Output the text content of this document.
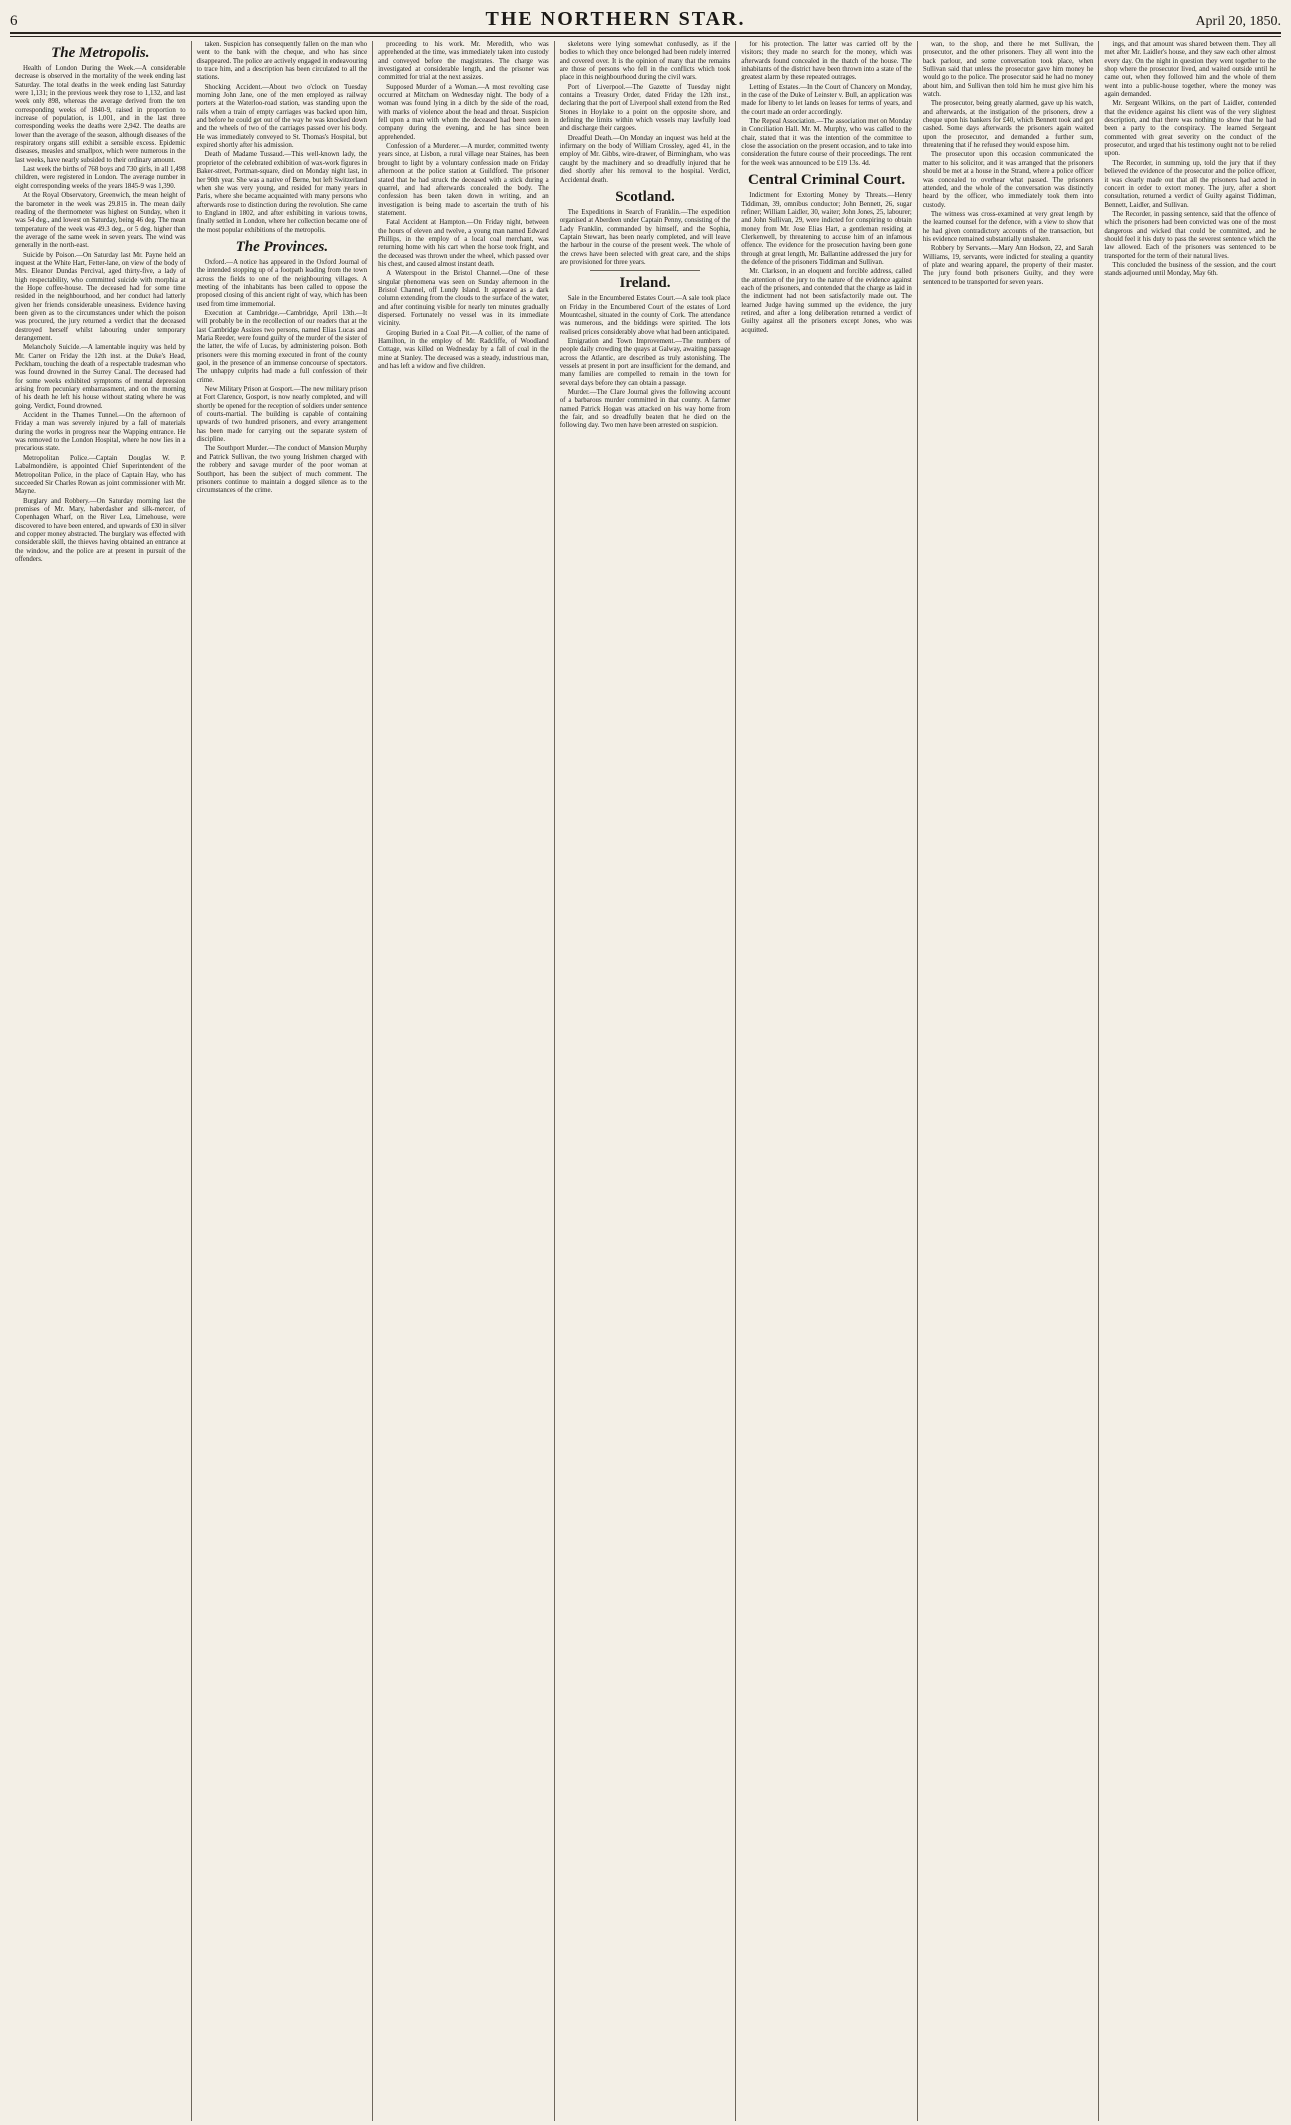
6	THE NORTHERN STAR.	April 20, 1850.
The Metropolis.

Health of London During the Week.—A considerable decrease is observed in the mortality of the week ending last Saturday. The total deaths in the week ending last Saturday were 1,131; in the previous week they rose to 1,132, and last week only 898, whereas the average derived from the ten corresponding weeks of 1840-9, raised in proportion to increase of population, is 1,001, and in the last three corresponding weeks the deaths were 2,942. The deaths are lower than the average of the season, although diseases of the respiratory organs still exhibit a sensible excess. Epidemic diseases, measles and smallpox, which were numerous in the last weeks, have nearly subsided to their ordinary amount.

Last week the births of 768 boys and 730 girls, in all 1,498 children, were registered in London. The average number in eight corresponding weeks of the years 1845-9 was 1,390.

At the Royal Observatory, Greenwich, the mean height of the barometer in the week was 29.815 in. The mean daily reading of the thermometer was highest on Sunday, when it was 54 deg., and lowest on Saturday, being 46 deg. The mean temperature of the week was 49.3 deg., or 5 deg. higher than the average of the same week in seven years. The wind was generally in the north-east.

Suicide by Poison.—On Saturday last Mr. Payne held an inquest at the White Hart, Fetter-lane, on view of the body of Mrs. Eleanor Dundas Percival, aged thirty-five, a lady of high respectability, who committed suicide with morphia at the Hope coffee-house. The deceased had for some time resided in the neighbourhood, and her conduct had latterly given her friends considerable uneasiness. Evidence having been given as to the circumstances under which the poison was procured, the jury returned a verdict that the deceased destroyed herself whilst labouring under temporary derangement.

Melancholy Suicide.—A lamentable inquiry was held by Mr. Carter on Friday the 12th inst. at the Duke's Head, Peckham, touching the death of a respectable tradesman who was found drowned in the Surrey Canal. The deceased had for some weeks exhibited symptoms of mental depression arising from pecuniary embarrassment, and on the morning of his death he left his house without stating where he was going. Verdict, Found drowned.

Accident in the Thames Tunnel.—On the afternoon of Friday a man was severely injured by a fall of materials during the works in progress near the Wapping entrance. He was removed to the London Hospital, where he now lies in a precarious state.

Metropolitan Police.—Captain Douglas W. P. Labalmondière, is appointed Chief Superintendent of the Metropolitan Police, in the place of Captain Hay, who has succeeded Sir Charles Rowan as joint commissioner with Mr. Mayne.

Burglary and Robbery.—On Saturday morning last the premises of Mr. Mary, haberdasher and silk-mercer, of Copenhagen Wharf, on the River Lea, Limehouse, were discovered to have been entered, and upwards of £30 in silver and copper money abstracted. The burglary was effected with considerable skill, the thieves having obtained an entrance at the window, and the police are at present in pursuit of the offenders.

taken. Suspicion has consequently fallen on the man who went to the bank with the cheque, and who has since disappeared. The police are actively engaged in endeavouring to trace him, and a description has been circulated to all the stations.

Shocking Accident.—About two o'clock on Tuesday morning John Jane, one of the men employed as railway porters at the Waterloo-road station, was standing upon the rails when a train of empty carriages was backed upon him, and before he could get out of the way he was knocked down and the wheels of two of the carriages passed over his body. He was immediately conveyed to St. Thomas's Hospital, but expired shortly after his admission.

Death of Madame Tussaud.—This well-known lady, the proprietor of the celebrated exhibition of wax-work figures in Baker-street, Portman-square, died on Monday night last, in her 90th year. She was a native of Berne, but left Switzerland when she was very young, and resided for many years in Paris, where she became acquainted with many persons who afterwards rose to distinction during the revolution. She came to England in 1802, and after exhibiting in various towns, finally settled in London, where her collection became one of the most popular exhibitions of the metropolis.

The Provinces.

Oxford.—A notice has appeared in the Oxford Journal of the intended stopping up of a footpath leading from the town across the fields to one of the neighbouring villages. A meeting of the inhabitants has been called to oppose the proposed closing of this ancient right of way, which has been used from time immemorial.

Execution at Cambridge.—Cambridge, April 13th.—It will probably be in the recollection of our readers that at the last Cambridge Assizes two persons, named Elias Lucas and Maria Reeder, were found guilty of the murder of the sister of the latter, the wife of Lucas, by administering poison. Both prisoners were this morning executed in front of the county gaol, in the presence of an immense concourse of spectators. The unhappy culprits had made a full confession of their crime.

New Military Prison at Gosport.—The new military prison at Fort Clarence, Gosport, is now nearly completed, and will shortly be opened for the reception of soldiers under sentence of courts-martial. The building is capable of containing upwards of two hundred prisoners, and every arrangement has been made for carrying out the separate system of discipline.

The Southport Murder.—The conduct of Mansion Murphy and Patrick Sullivan, the two young Irishmen charged with the robbery and savage murder of the poor woman at Southport, has been the subject of much comment. The prisoners continue to maintain a dogged silence as to the circumstances of the crime.

proceeding to his work. Mr. Meredith, who was apprehended at the time, was immediately taken into custody and conveyed before the magistrates. The charge was investigated at considerable length, and the prisoner was committed for trial at the next assizes.

Supposed Murder of a Woman.—A most revolting case occurred at Mitcham on Wednesday night. The body of a woman was found lying in a ditch by the side of the road, with marks of violence about the head and throat. Suspicion fell upon a man with whom the deceased had been seen in company during the evening, and he has since been apprehended.

Confession of a Murderer.—A murder, committed twenty years since, at Lisbon, a rural village near Staines, has been brought to light by a voluntary confession made on Friday afternoon at the police station at Guildford. The prisoner stated that he had struck the deceased with a stick during a quarrel, and had afterwards concealed the body. The confession has been taken down in writing, and an investigation is being made to ascertain the truth of his statement.

Fatal Accident at Hampton.—On Friday night, between the hours of eleven and twelve, a young man named Edward Phillips, in the employ of a local coal merchant, was returning home with his cart when the horse took fright, and the deceased was thrown under the wheel, which passed over his chest, and caused almost instant death.

A Waterspout in the Bristol Channel.—One of these singular phenomena was seen on Sunday afternoon in the Bristol Channel, off Lundy Island. It appeared as a dark column extending from the clouds to the surface of the water, and after continuing visible for nearly ten minutes gradually dispersed. Fortunately no vessel was in its immediate vicinity.

Groping Buried in a Coal Pit.—A collier, of the name of Hamilton, in the employ of Mr. Radcliffe, of Woodland Cottage, was killed on Wednesday by a fall of coal in the mine at Stanley. The deceased was a steady, industrious man, and has left a widow and five children.

skeletons were lying somewhat confusedly, as if the bodies to which they once belonged had been rudely interred and covered over. It is the opinion of many that the remains are those of persons who fell in the conflicts which took place in this neighbourhood during the civil wars.

Port of Liverpool.—The Gazette of Tuesday night contains a Treasury Order, dated Friday the 12th inst., declaring that the port of Liverpool shall extend from the Red Stones in Hoylake to a point on the opposite shore, and defining the limits within which vessels may lawfully load and discharge their cargoes.

Dreadful Death.—On Monday an inquest was held at the infirmary on the body of William Crossley, aged 41, in the employ of Mr. Gibbs, wire-drawer, of Birmingham, who was caught by the machinery and so dreadfully injured that he died shortly after his removal to the hospital. Verdict, Accidental death.

Scotland.

The Expeditions in Search of Franklin.—The expedition organised at Aberdeen under Captain Penny, consisting of the Lady Franklin, commanded by himself, and the Sophia, Captain Stewart, has been nearly completed, and will leave the harbour in the course of the present week. The whole of the crews have been selected with great care, and the ships are provisioned for three years.

Ireland.

Sale in the Encumbered Estates Court.—A sale took place on Friday in the Encumbered Court of the estates of Lord Mountcashel, situated in the county of Cork. The attendance was numerous, and the biddings were spirited. The lots realised prices considerably above what had been anticipated.

Emigration and Town Improvement.—The numbers of people daily crowding the quays at Galway, awaiting passage across the Atlantic, are described as truly astonishing. The vessels at present in port are insufficient for the demand, and many families are compelled to remain in the town for several days before they can obtain a passage.

Murder.—The Clare Journal gives the following account of a barbarous murder committed in that county. A farmer named Patrick Hogan was attacked on his way home from the fair, and so dreadfully beaten that he died on the following day. Two men have been arrested on suspicion.

for his protection. The latter was carried off by the visitors; they made no search for the money, which was afterwards found concealed in the thatch of the house. The inhabitants of the district have been thrown into a state of the greatest alarm by these repeated outrages.

Letting of Estates.—In the Court of Chancery on Monday, in the case of the Duke of Leinster v. Bull, an application was made for liberty to let lands on leases for terms of years, and the court made an order accordingly.

The Repeal Association.—The association met on Monday in Conciliation Hall. Mr. M. Murphy, who was called to the chair, stated that it was the intention of the committee to close the association on the present occasion, and to take into consideration the future course of their proceedings. The rent for the week was announced to be £19 13s. 4d.

Central Criminal Court.

Indictment for Extorting Money by Threats.—Henry Tiddiman, 39, omnibus conductor; John Bennett, 26, sugar refiner; William Laidler, 30, waiter; John Jones, 25, labourer; and John Sullivan, 29, were indicted for conspiring to obtain money from Mr. Jose Elias Hart, a gentleman residing at Clerkenwell, by threatening to accuse him of an infamous offence. The evidence for the prosecution having been gone through at great length, Mr. Ballantine addressed the jury for the defence of the prisoners Tiddiman and Sullivan.

Mr. Clarkson, in an eloquent and forcible address, called the attention of the jury to the nature of the evidence against each of the prisoners, and contended that the charge as laid in the indictment had not been satisfactorily made out. The learned Judge having summed up the evidence, the jury retired, and after a long deliberation returned a verdict of Guilty against all the prisoners except Jones, who was acquitted.

wan, to the shop, and there he met Sullivan, the prosecutor, and the other prisoners. They all went into the back parlour, and some conversation took place, when Sullivan said that unless the prosecutor gave him money he would go to the police. The prosecutor said he had no money about him, and Sullivan then told him he must give him his watch.

The prosecutor, being greatly alarmed, gave up his watch, and afterwards, at the instigation of the prisoners, drew a cheque upon his bankers for £40, which Bennett took and got cashed. Some days afterwards the prisoners again waited upon the prosecutor, and demanded a further sum, threatening that if he refused they would expose him.

The prosecutor upon this occasion communicated the matter to his solicitor, and it was arranged that the prisoners should be met at a house in the Strand, where a police officer was concealed to overhear what passed. The prisoners attended, and the whole of the conversation was distinctly heard by the officer, who immediately took them into custody.

The witness was cross-examined at very great length by the learned counsel for the defence, with a view to show that he had given contradictory accounts of the transaction, but his evidence remained substantially unshaken.

Robbery by Servants.—Mary Ann Hodson, 22, and Sarah Williams, 19, servants, were indicted for stealing a quantity of plate and wearing apparel, the property of their master. The jury found both prisoners Guilty, and they were sentenced to be transported for seven years.

ings, and that amount was shared between them. They all met after Mr. Laidler's house, and they saw each other almost every day. On the night in question they went together to the shop where the prosecutor lived, and waited outside until he came out, when they followed him and the whole of them went into a public-house together, where the money was again demanded.

Mr. Sergeant Wilkins, on the part of Laidler, contended that the evidence against his client was of the very slightest description, and that there was nothing to show that he had been a party to the conspiracy. The learned Sergeant commented with great severity on the conduct of the prosecutor, and urged that his testimony ought not to be relied upon.

The Recorder, in summing up, told the jury that if they believed the evidence of the prosecutor and the police officer, it was clearly made out that all the prisoners had acted in concert in order to extort money. The jury, after a short consultation, returned a verdict of Guilty against Tiddiman, Bennett, Laidler, and Sullivan.

The Recorder, in passing sentence, said that the offence of which the prisoners had been convicted was one of the most dangerous and wicked that could be committed, and he should feel it his duty to pass the severest sentence which the law allowed. Each of the prisoners was sentenced to be transported for the term of their natural lives.

This concluded the business of the session, and the court stands adjourned until Monday, May 6th.
